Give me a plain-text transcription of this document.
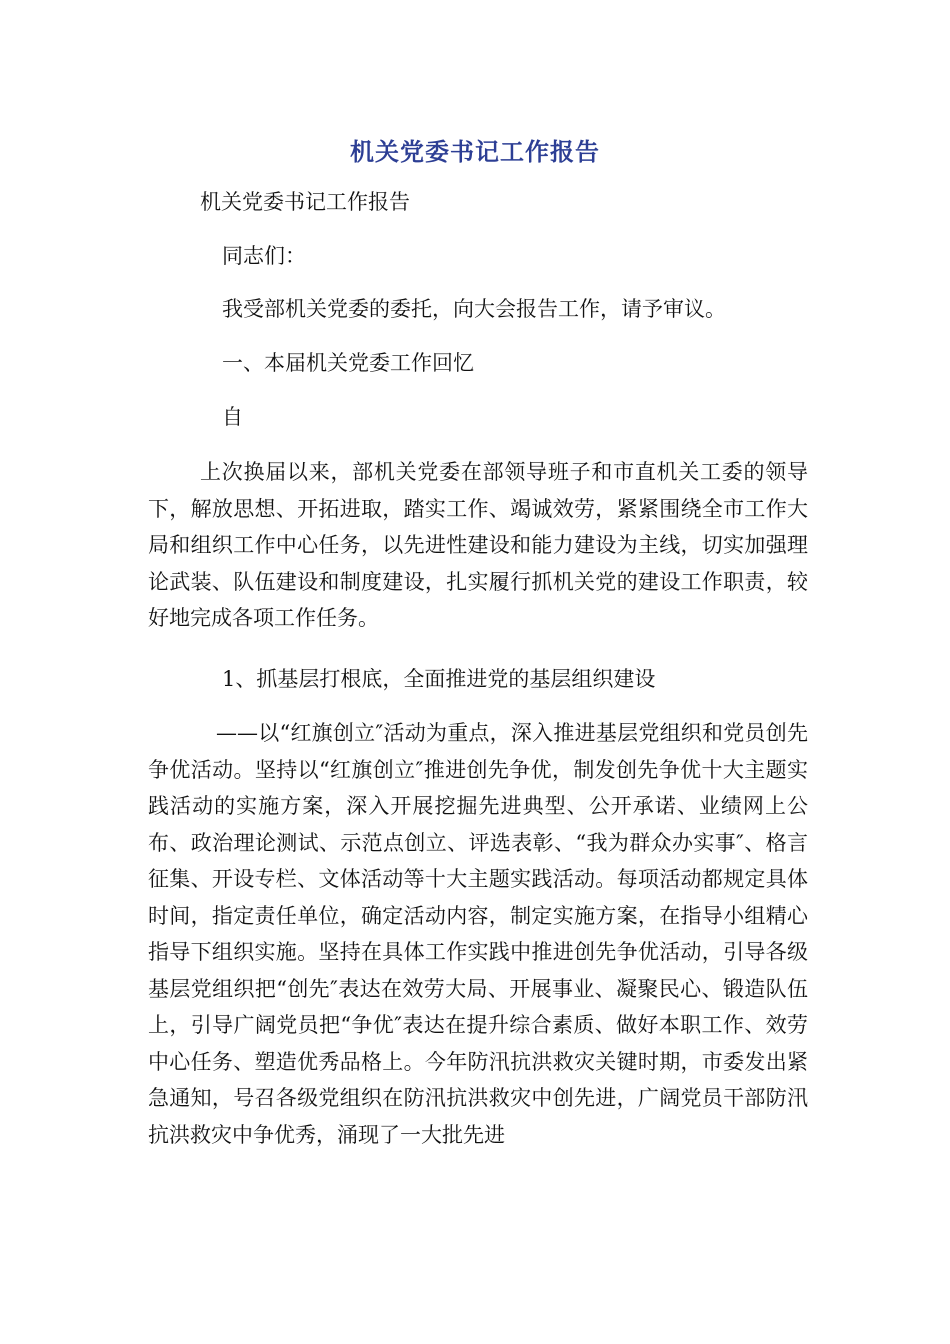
机关党委书记工作报告
机关党委书记工作报告
同志们：
我受部机关党委的委托，向大会报告工作，请予审议。
一、本届机关党委工作回忆
自
上次换届以来，部机关党委在部领导班子和市直机关工委的领导下，解放思想、开拓进取，踏实工作、竭诚效劳，紧紧围绕全市工作大局和组织工作中心任务，以先进性建设和能力建设为主线，切实加强理论武装、队伍建设和制度建设，扎实履行抓机关党的建设工作职责，较好地完成各项工作任务。
1、抓基层打根底，全面推进党的基层组织建设
——以“红旗创立″活动为重点，深入推进基层党组织和党员创先争优活动。坚持以“红旗创立″推进创先争优，制发创先争优十大主题实践活动的实施方案，深入开展挖掘先进典型、公开承诺、业绩网上公布、政治理论测试、示范点创立、评选表彰、“我为群众办实事″、格言征集、开设专栏、文体活动等十大主题实践活动。每项活动都规定具体时间，指定责任单位，确定活动内容，制定实施方案，在指导小组精心指导下组织实施。坚持在具体工作实践中推进创先争优活动，引导各级基层党组织把“创先″表达在效劳大局、开展事业、凝聚民心、锻造队伍上，引导广阔党员把“争优″表达在提升综合素质、做好本职工作、效劳中心任务、塑造优秀品格上。今年防汛抗洪救灾关键时期，市委发出紧急通知，号召各级党组织在防汛抗洪救灾中创先进，广阔党员干部防汛抗洪救灾中争优秀，涌现了一大批先进
